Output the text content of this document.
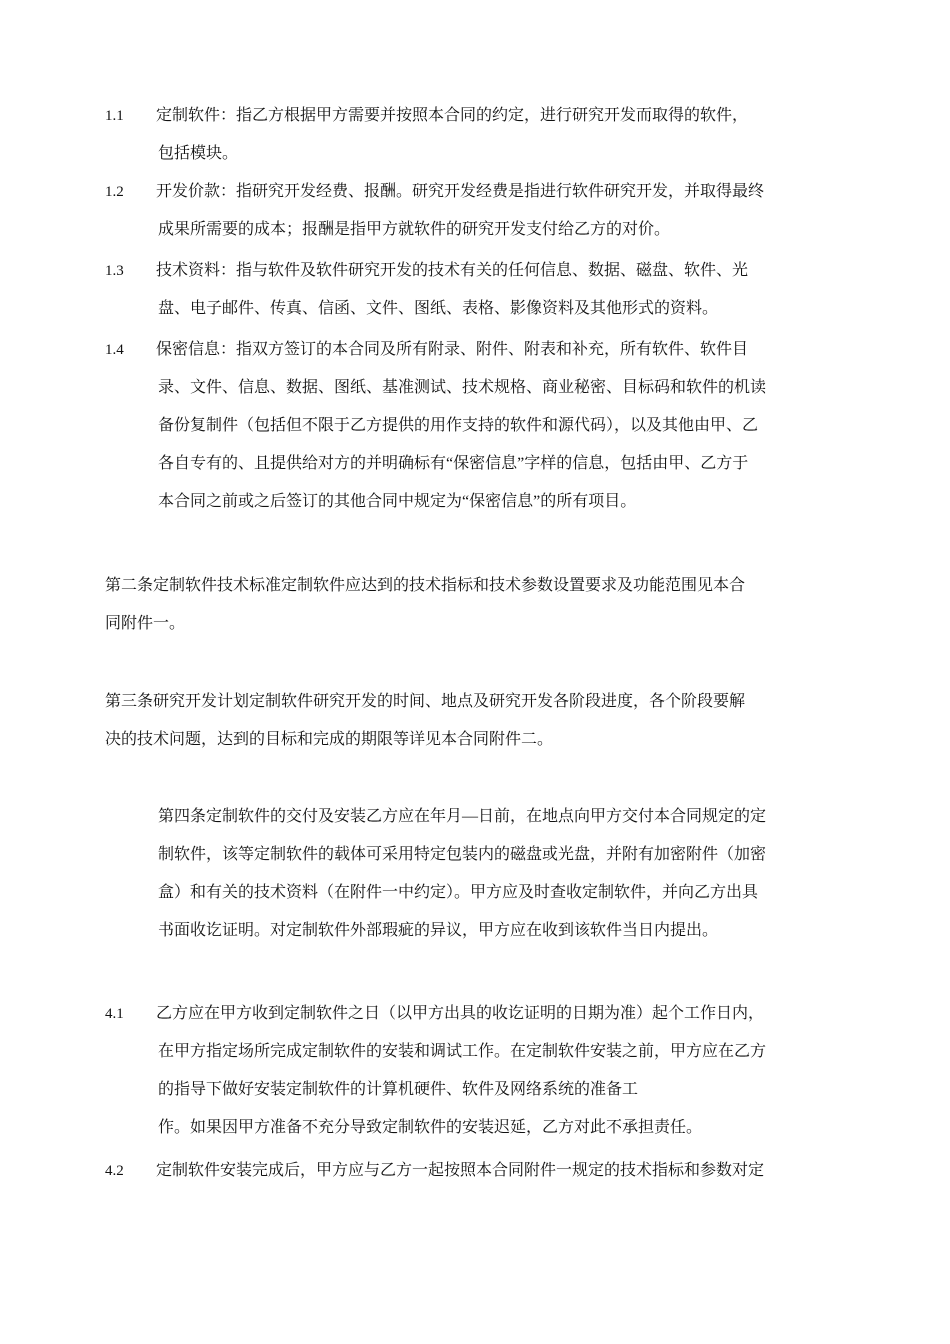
1.1 定制软件：指乙方根据甲方需要并按照本合同的约定，进行研究开发而取得的软件，
包括模块。
1.2 开发价款：指研究开发经费、报酬。研究开发经费是指进行软件研究开发，并取得最终
成果所需要的成本；报酬是指甲方就软件的研究开发支付给乙方的对价。
1.3 技术资料：指与软件及软件研究开发的技术有关的任何信息、数据、磁盘、软件、光
盘、电子邮件、传真、信函、文件、图纸、表格、影像资料及其他形式的资料。
1.4 保密信息：指双方签订的本合同及所有附录、附件、附表和补充，所有软件、软件目
录、文件、信息、数据、图纸、基准测试、技术规格、商业秘密、目标码和软件的机读
备份复制件（包括但不限于乙方提供的用作支持的软件和源代码），以及其他由甲、乙
各自专有的、且提供给对方的并明确标有“保密信息”字样的信息，包括由甲、乙方于
本合同之前或之后签订的其他合同中规定为“保密信息”的所有项目。
第二条定制软件技术标准定制软件应达到的技术指标和技术参数设置要求及功能范围见本合
同附件一。
第三条研究开发计划定制软件研究开发的时间、地点及研究开发各阶段进度，各个阶段要解
决的技术问题，达到的目标和完成的期限等详见本合同附件二。
第四条定制软件的交付及安装乙方应在年月—日前，在地点向甲方交付本合同规定的定
制软件，该等定制软件的载体可采用特定包装内的磁盘或光盘，并附有加密附件（加密
盒）和有关的技术资料（在附件一中约定）。甲方应及时查收定制软件，并向乙方出具
书面收讫证明。对定制软件外部瑕疵的异议，甲方应在收到该软件当日内提出。
4.1 乙方应在甲方收到定制软件之日（以甲方出具的收讫证明的日期为准）起个工作日内，
在甲方指定场所完成定制软件的安装和调试工作。在定制软件安装之前，甲方应在乙方
的指导下做好安装定制软件的计算机硬件、软件及网络系统的准备工
作。如果因甲方准备不充分导致定制软件的安装迟延，乙方对此不承担责任。
4.2 定制软件安装完成后，甲方应与乙方一起按照本合同附件一规定的技术指标和参数对定
